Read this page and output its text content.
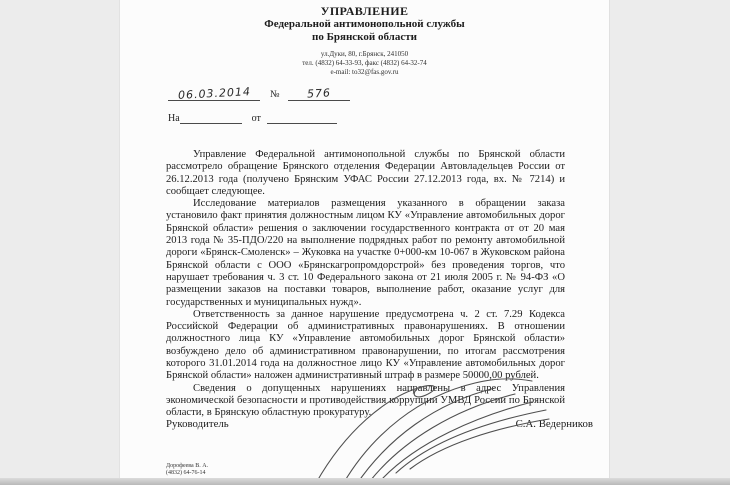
УПРАВЛЕНИЕ
Федеральной антимонопольной службы
по Брянской области
ул.Дуки, 80, г.Брянск, 241050
тел. (4832) 64-33-93, факс (4832) 64-32-74
e-mail: to32@fas.gov.ru
06.03.2014	№	576
На	от

Управление Федеральной антимонопольной службы по Брянской области рассмотрело обращение Брянского отделения Федерации Автовладельцев России от 26.12.2013 года (получено Брянским УФАС России 27.12.2013 года, вх. № 7214) и сообщает следующее.

Исследование материалов размещения указанного в обращении заказа установило факт принятия должностным лицом КУ «Управление автомобильных дорог Брянской области» решения о заключении государственного контракта от от 20 мая 2013 года № 35-ПДО/220 на выполнение подрядных работ по ремонту автомобильной дороги «Брянск-Смоленск» – Жуковка на участке 0+000-км 10-067 в Жуковском района Брянской области с ООО «Брянскагропромдорстрой» без проведения торгов, что нарушает требования ч. 3 ст. 10 Федерального закона от 21 июля 2005 г. № 94-ФЗ «О размещении заказов на поставки товаров, выполнение работ, оказание услуг для государственных и муниципальных нужд».

Ответственность за данное нарушение предусмотрена ч. 2 ст. 7.29 Кодекса Российской Федерации об административных правонарушениях. В отношении должностного лица КУ «Управление автомобильных дорог Брянской области» возбуждено дело об административном правонарушении, по итогам рассмотрения которого 31.01.2014 года на должностное лицо КУ «Управление автомобильных дорог Брянской области» наложен административный штраф в размере 50000,00 рублей.

Сведения о допущенных нарушениях направлены в адрес Управления экономической безопасности и противодействия коррупции УМВД России по Брянской области, в Брянскую областную прокуратуру.

Руководитель	С.А. Ведерников
Дорофеева В. А.
(4832) 64-76-14
